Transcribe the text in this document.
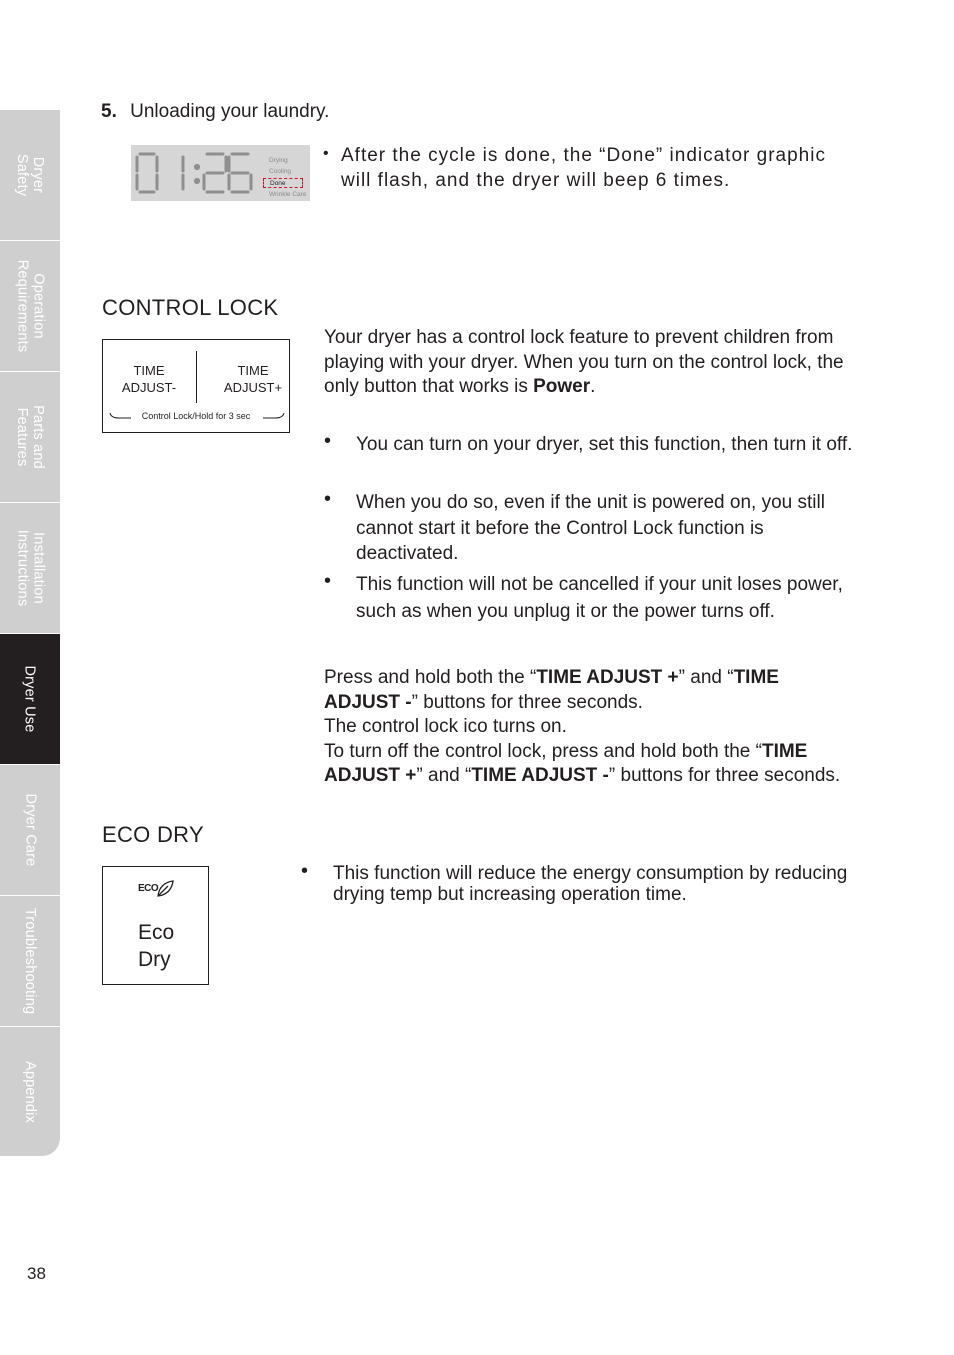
Dryer
Safety
Operation
Requirements
Parts and
Features
Installation
Instructions
Dryer Use
Dryer Care
Troubleshooting
Appendix
5. Unloading your laundry.
Drying
Cooling
Done
Wrinkle Care
• After the cycle is done, the “Done” indicator graphic will flash, and the dryer will beep 6 times.
CONTROL LOCK
TIME
ADJUST-
TIME
ADJUST+
Control Lock/Hold for 3 sec
Your dryer has a control lock feature to prevent children from playing with your dryer. When you turn on the control lock, the only button that works is Power.
•	You can turn on your dryer, set this function, then turn it off.
•	When you do so, even if the unit is powered on, you still cannot start it before the Control Lock function is deactivated.
•	This function will not be cancelled if your unit loses power, such as when you unplug it or the power turns off.
Press and hold both the “TIME ADJUST +” and “TIME ADJUST -” buttons for three seconds.
The control lock ico turns on.
To turn off the control lock, press and hold both the “TIME ADJUST +” and “TIME ADJUST -” buttons for three seconds.
ECO DRY
ECO
Eco
Dry
•	This function will reduce the energy consumption by reducing drying temp but increasing operation time.
38
